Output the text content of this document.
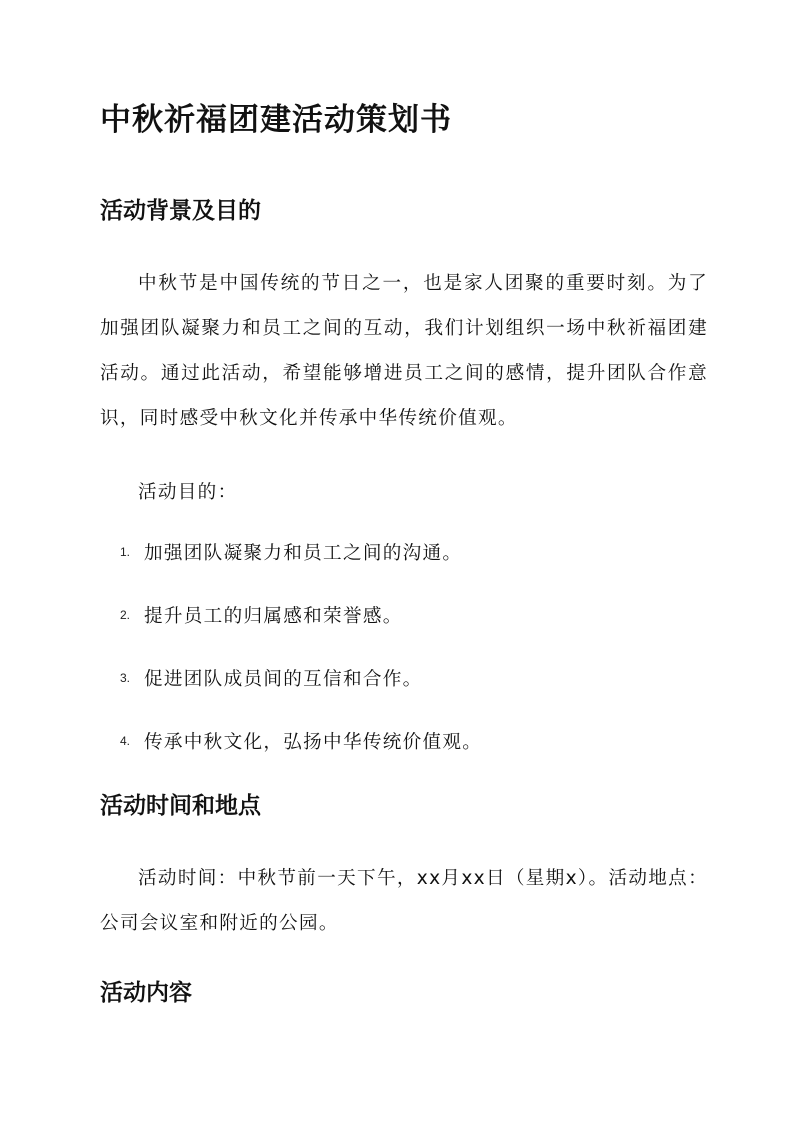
中秋祈福团建活动策划书
活动背景及目的

中秋节是中国传统的节日之一，也是家人团聚的重要时刻。为了加强团队凝聚力和员工之间的互动，我们计划组织一场中秋祈福团建活动。通过此活动，希望能够增进员工之间的感情，提升团队合作意识，同时感受中秋文化并传承中华传统价值观。

活动目的：

1. 加强团队凝聚力和员工之间的沟通。
2. 提升员工的归属感和荣誉感。
3. 促进团队成员间的互信和合作。
4. 传承中秋文化，弘扬中华传统价值观。
活动时间和地点

活动时间：中秋节前一天下午，xx月xx日（星期x）。活动地点：公司会议室和附近的公园。

活动内容
